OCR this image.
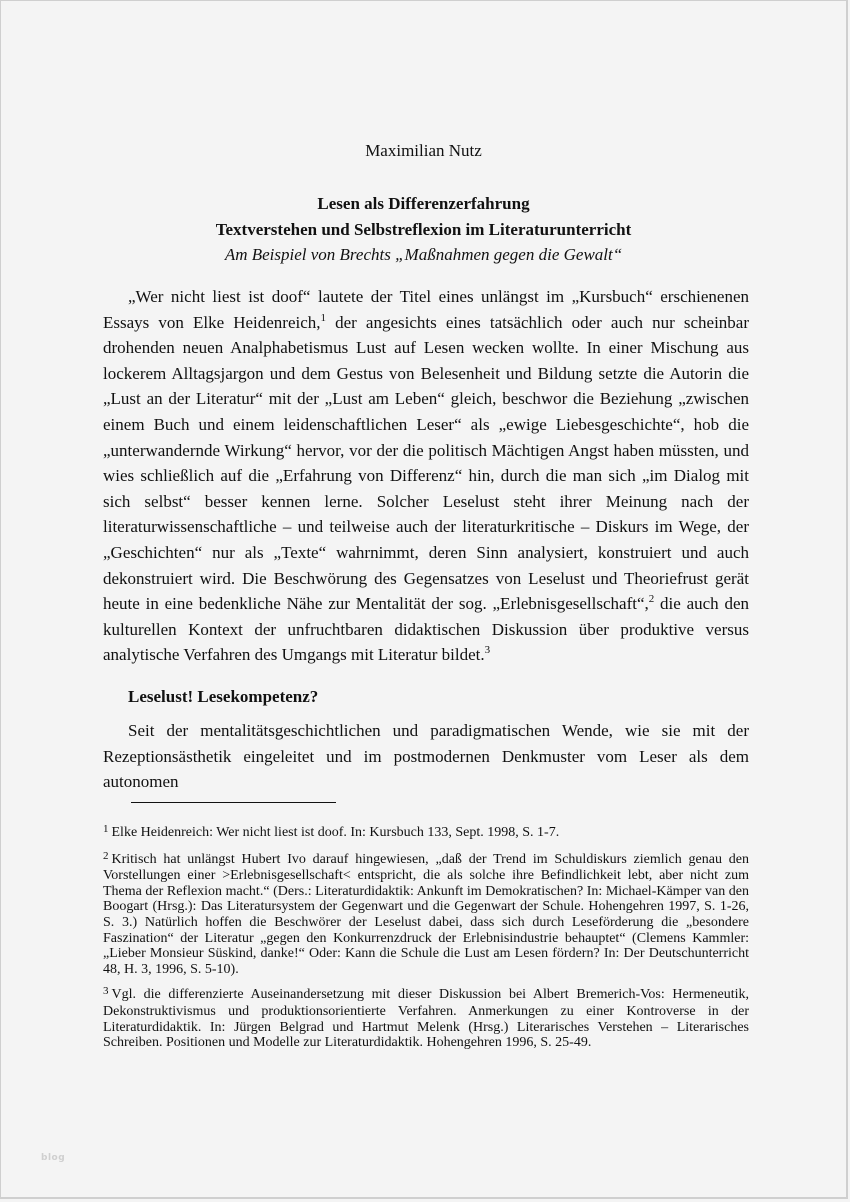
Maximilian Nutz
Lesen als Differenzerfahrung
Textverstehen und Selbstreflexion im Literaturunterricht
Am Beispiel von Brechts „Maßnahmen gegen die Gewalt“

„Wer nicht liest ist doof“ lautete der Titel eines unlängst im „Kursbuch“ erschienenen Essays von Elke Heidenreich,$^1$ der angesichts eines tatsächlich oder auch nur scheinbar drohenden neuen Analphabetismus Lust auf Lesen wecken wollte. In einer Mischung aus lockerem Alltagsjargon und dem Gestus von Belesenheit und Bildung setzte die Autorin die „Lust an der Literatur“ mit der „Lust am Leben“ gleich, beschwor die Beziehung „zwischen einem Buch und einem leidenschaftlichen Leser“ als „ewige Liebesgeschichte“, hob die „unterwandernde Wirkung“ hervor, vor der die politisch Mächtigen Angst haben müssten, und wies schließlich auf die „Erfahrung von Differenz“ hin, durch die man sich „im Dialog mit sich selbst“ besser kennen lerne. Solcher Leselust steht ihrer Meinung nach der literaturwissenschaftliche – und teilweise auch der literaturkritische – Diskurs im Wege, der „Geschichten“ nur als „Texte“ wahrnimmt, deren Sinn analysiert, konstruiert und auch dekonstruiert wird. Die Beschwörung des Gegensatzes von Leselust und Theoriefrust gerät heute in eine bedenkliche Nähe zur Mentalität der sog. „Erlebnisgesellschaft“,$^2$ die auch den kulturellen Kontext der unfruchtbaren didaktischen Diskussion über produktive versus analytische Verfahren des Umgangs mit Literatur bildet.$^3$

Leselust! Lesekompetenz?

Seit der mentalitätsgeschichtlichen und paradigmatischen Wende, wie sie mit der Rezeptionsästhetik eingeleitet und im postmodernen Denkmuster vom Leser als dem autonomen

$^1$ Elke Heidenreich: Wer nicht liest ist doof. In: Kursbuch 133, Sept. 1998, S. 1-7.
$^2$ Kritisch hat unlängst Hubert Ivo darauf hingewiesen, „daß der Trend im Schuldiskurs ziemlich genau den Vorstellungen einer >Erlebnisgesellschaft< entspricht, die als solche ihre Befindlichkeit lebt, aber nicht zum Thema der Reflexion macht.“ (Ders.: Literaturdidaktik: Ankunft im Demokratischen? In: Michael-Kämper van den Boogart (Hrsg.): Das Literatursystem der Gegenwart und die Gegenwart der Schule. Hohengehren 1997, S. 1-26, S. 3.) Natürlich hoffen die Beschwörer der Leselust dabei, dass sich durch Leseförderung die „besondere Faszination“ der Literatur „gegen den Konkurrenzdruck der Erlebnisindustrie behauptet“ (Clemens Kammler: „Lieber Monsieur Süskind, danke!“ Oder: Kann die Schule die Lust am Lesen fördern? In: Der Deutschunterricht 48, H. 3, 1996, S. 5-10).
$^3$ Vgl. die differenzierte Auseinandersetzung mit dieser Diskussion bei Albert Bremerich-Vos: Hermeneutik, Dekonstruktivismus und produktionsorientierte Verfahren. Anmerkungen zu einer Kontroverse in der Literaturdidaktik. In: Jürgen Belgrad und Hartmut Melenk (Hrsg.) Literarisches Verstehen – Literarisches Schreiben. Positionen und Modelle zur Literaturdidaktik. Hohengehren 1996, S. 25-49.
blog
